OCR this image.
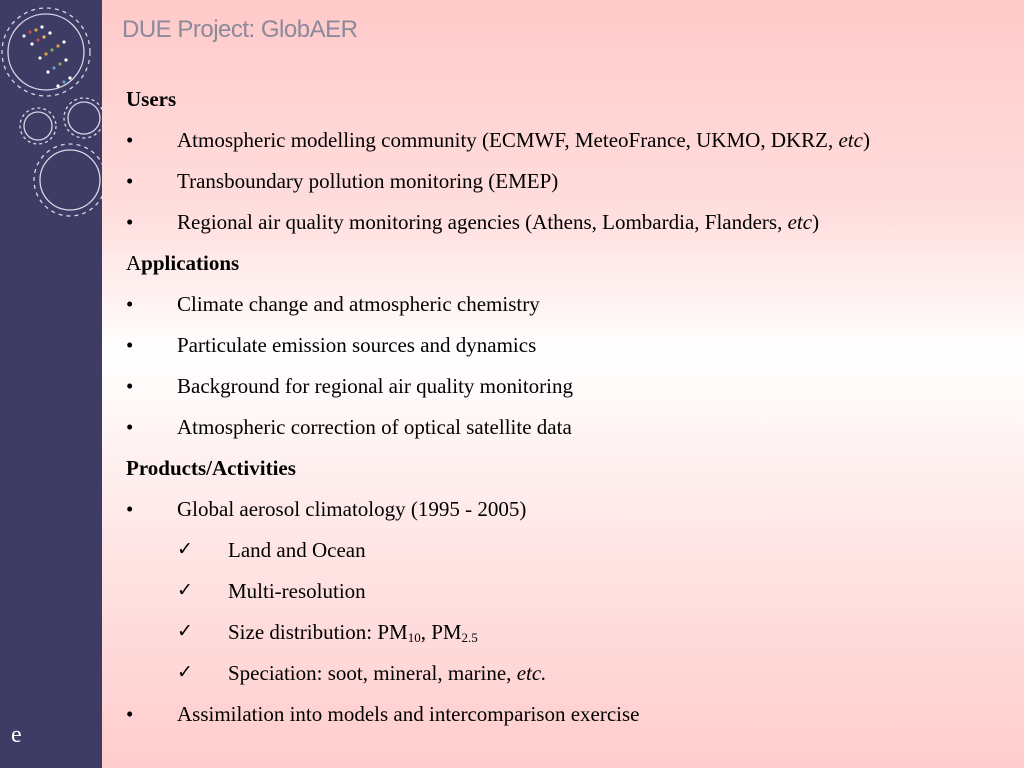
e
DUE Project: GlobAER
Users
• Atmospheric modelling community (ECMWF, MeteoFrance, UKMO, DKRZ, etc)
• Transboundary pollution monitoring (EMEP)
• Regional air quality monitoring agencies (Athens, Lombardia, Flanders, etc)
Applications
• Climate change and atmospheric chemistry
• Particulate emission sources and dynamics
• Background for regional air quality monitoring
• Atmospheric correction of optical satellite data
Products/Activities
• Global aerosol climatology (1995 - 2005)
✓ Land and Ocean
✓ Multi-resolution
✓ Size distribution: $PM_{10}$, $PM_{2.5}$
✓ Speciation: soot, mineral, marine, etc.
• Assimilation into models and intercomparison exercise
